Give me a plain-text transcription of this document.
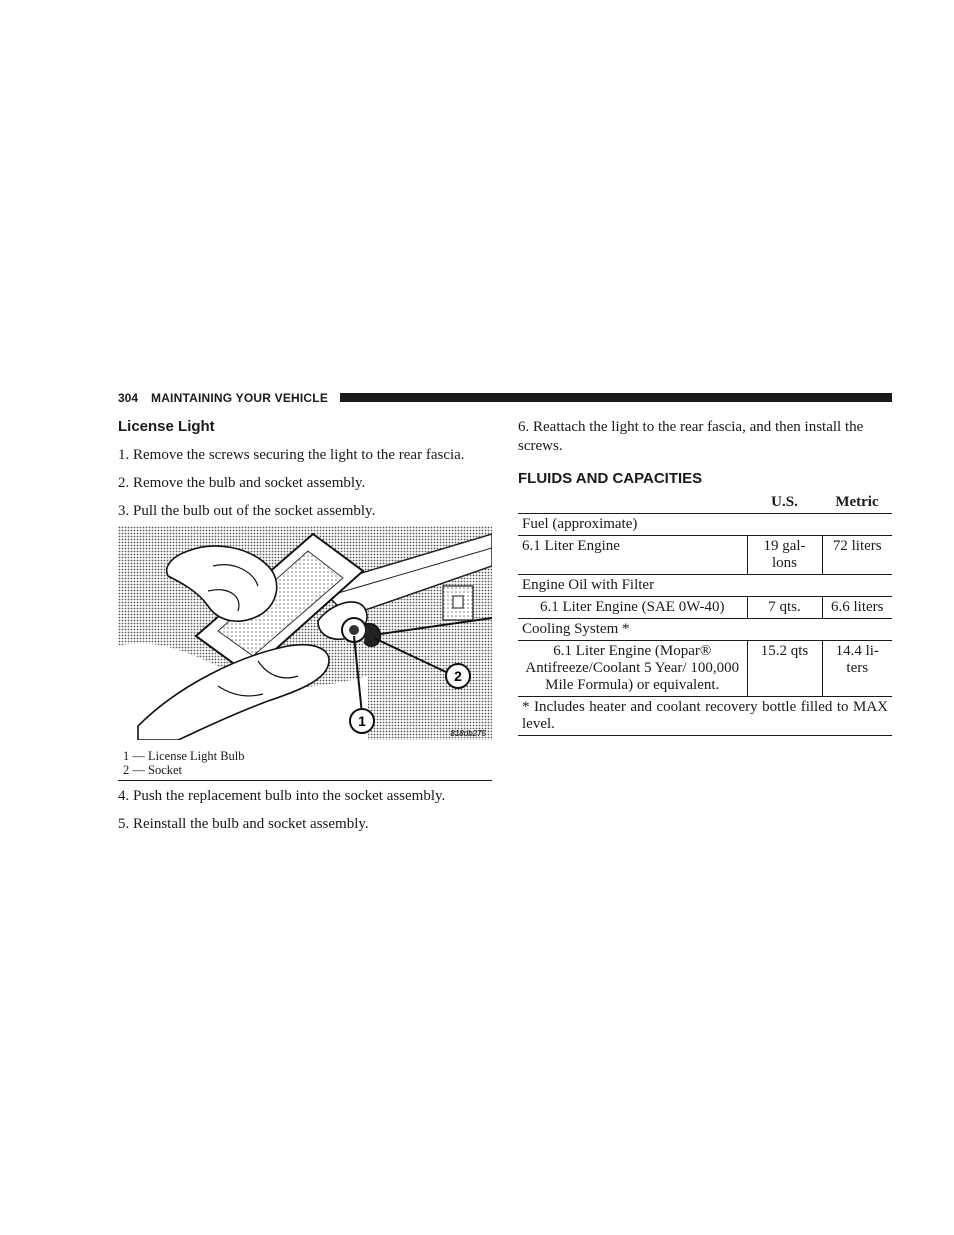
304 MAINTAINING YOUR VEHICLE
License Light
1. Remove the screws securing the light to the rear fascia.
2. Remove the bulb and socket assembly.
3. Pull the bulb out of the socket assembly.
1
2
818db275
1 — License Light Bulb
2 — Socket
4. Push the replacement bulb into the socket assembly.
5. Reinstall the bulb and socket assembly.
6. Reattach the light to the rear fascia, and then install the screws.
FLUIDS AND CAPACITIES
	U.S.	Metric
Fuel (approximate)		
6.1 Liter Engine	19 gal-lons	72 liters
Engine Oil with Filter		
6.1 Liter Engine (SAE 0W-40)	7 qts.	6.6 liters
Cooling System *		
6.1 Liter Engine (Mopar® Antifreeze/Coolant 5 Year/ 100,000 Mile Formula) or equivalent.	15.2 qts	14.4 li-ters
* Includes heater and coolant recovery bottle filled to MAX level.		
